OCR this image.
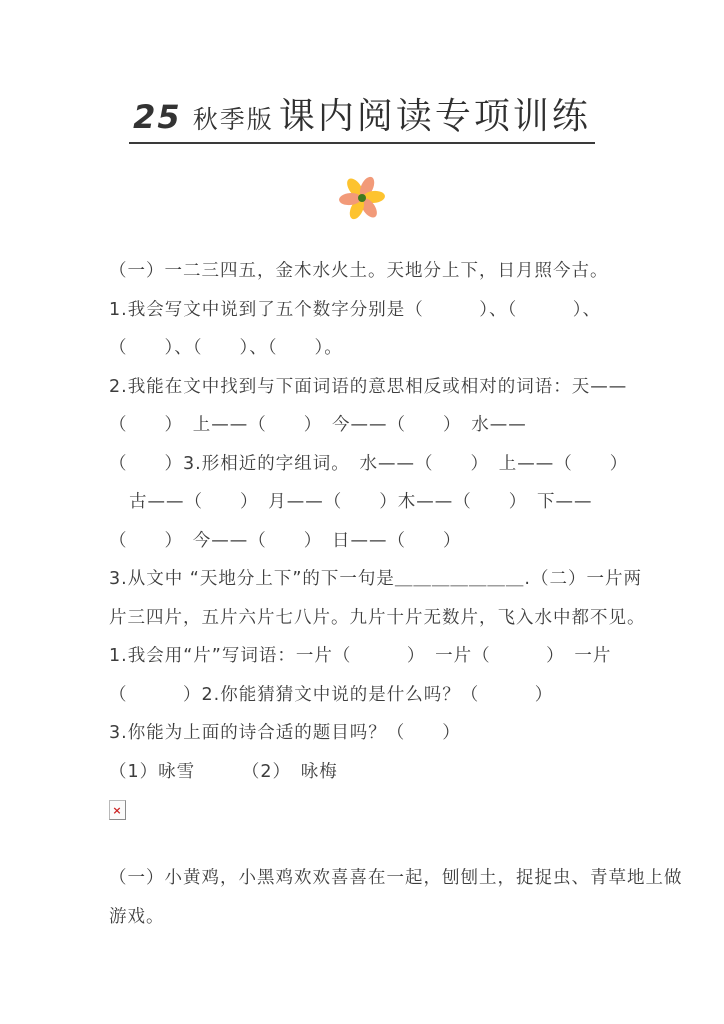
25 秋季版 课内阅读专项训练
（一）一二三四五，金木水火土。天地分上下，日月照今古。
1.我会写文中说到了五个数字分别是（　　　）、（　　　）、
（　　）、（　　）、（　　）。
2.我能在文中找到与下面词语的意思相反或相对的词语：天——
（　　）　上——（　　）　今——（　　）　水——
（　　）3.形相近的字组词。　水——（　　）　上——（　　）
古——（　　）　月——（　　）木——（　　）　下——
（　　）　今——（　　）　日——（　　）
3.从文中 “天地分上下”的下一句是＿＿＿＿＿＿＿.（二）一片两
片三四片，五片六片七八片。九片十片无数片，飞入水中都不见。
1.我会用“片”写词语：一片（　　　）　一片（　　　）　一片
（　　　）2.你能猜猜文中说的是什么吗？（　　　）
3.你能为上面的诗合适的题目吗？（　　）
（1）咏雪　　　（2）　咏梅
×
（一）小黄鸡，小黑鸡欢欢喜喜在一起，刨刨土，捉捉虫、青草地上做
游戏。
